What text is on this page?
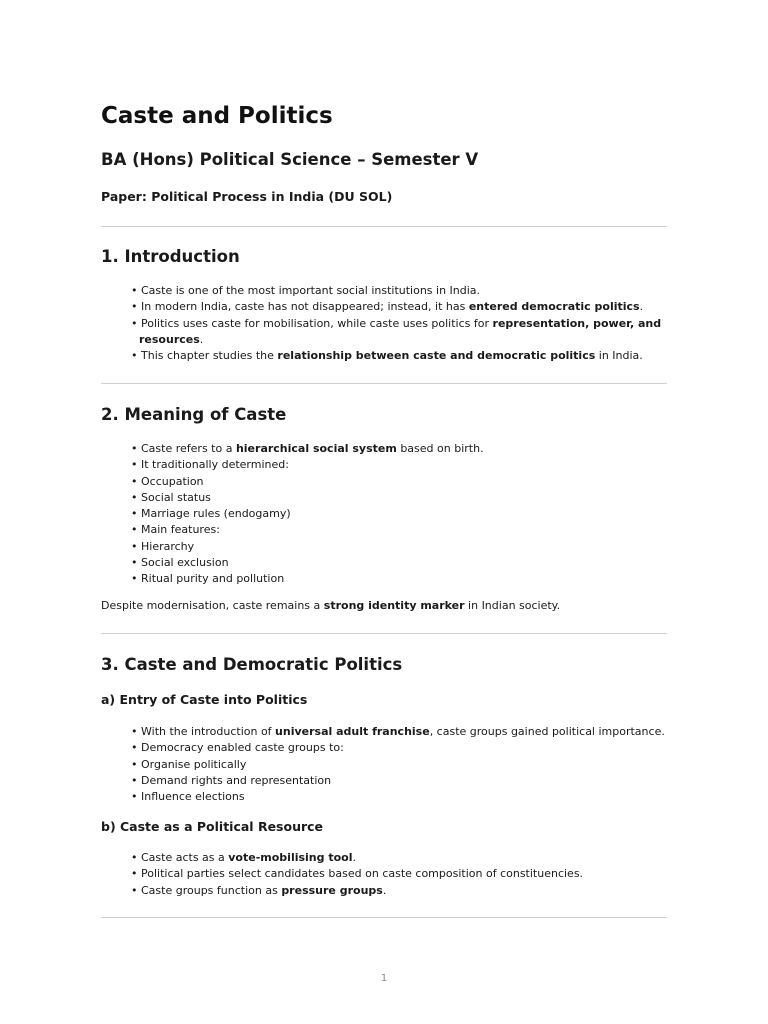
Caste and Politics
BA (Hons) Political Science – Semester V
Paper: Political Process in India (DU SOL)
1. Introduction
• Caste is one of the most important social institutions in India.
• In modern India, caste has not disappeared; instead, it has entered democratic politics.
• Politics uses caste for mobilisation, while caste uses politics for representation, power, and resources.
• This chapter studies the relationship between caste and democratic politics in India.
2. Meaning of Caste
• Caste refers to a hierarchical social system based on birth.
• It traditionally determined:
• Occupation
• Social status
• Marriage rules (endogamy)
• Main features:
• Hierarchy
• Social exclusion
• Ritual purity and pollution

Despite modernisation, caste remains a strong identity marker in Indian society.

3. Caste and Democratic Politics
a) Entry of Caste into Politics
• With the introduction of universal adult franchise, caste groups gained political importance.
• Democracy enabled caste groups to:
• Organise politically
• Demand rights and representation
• Influence elections
b) Caste as a Political Resource
• Caste acts as a vote-mobilising tool.
• Political parties select candidates based on caste composition of constituencies.
• Caste groups function as pressure groups.
1
